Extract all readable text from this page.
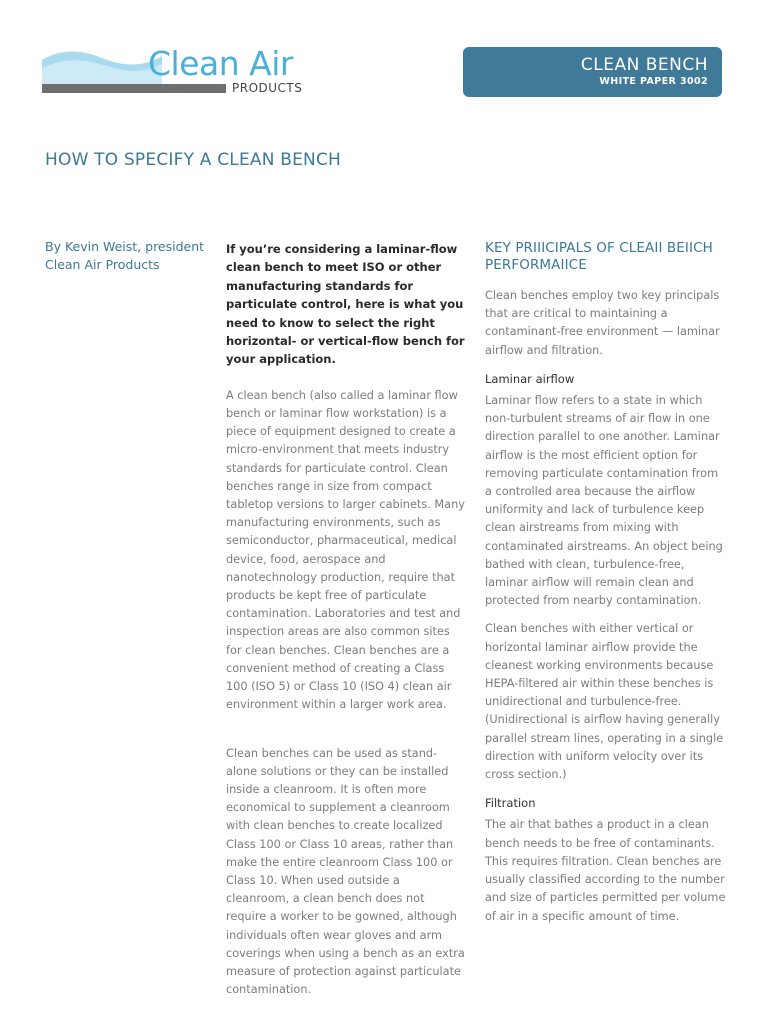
Clean Air
PRODUCTS
CLEAN BENCH
WHITE PAPER 3002
HOW TO SPECIFY A CLEAN BENCH
By Kevin Weist, president
Clean Air Products

If you’re considering a laminar-flow clean bench to meet ISO or other manufacturing standards for particulate control, here is what you need to know to select the right horizontal- or vertical-flow bench for your application.

A clean bench (also called a laminar flow bench or laminar flow workstation) is a piece of equipment designed to create a micro-environment that meets industry standards for particulate control. Clean benches range in size from compact tabletop versions to larger cabinets. Many manufacturing environments, such as semiconductor, pharmaceutical, medical device, food, aerospace and nanotechnology production, require that products be kept free of particulate contamination. Laboratories and test and inspection areas are also common sites for clean benches. Clean benches are a convenient method of creating a Class 100 (ISO 5) or Class 10 (ISO 4) clean air environment within a larger work area.

Clean benches can be used as stand-alone solutions or they can be installed inside a cleanroom. It is often more economical to supplement a cleanroom with clean benches to create localized Class 100 or Class 10 areas, rather than make the entire cleanroom Class 100 or Class 10. When used outside a cleanroom, a clean bench does not require a worker to be gowned, although individuals often wear gloves and arm coverings when using a bench as an extra measure of protection against particulate contamination.

KEY PRIIICIPALS OF CLEAII BEIICH PERFORMAIICE

Clean benches employ two key principals that are critical to maintaining a contaminant-free environment — laminar airflow and filtration.

Laminar airflow

Laminar flow refers to a state in which non-turbulent streams of air flow in one direction parallel to one another. Laminar airflow is the most efficient option for removing particulate contamination from a controlled area because the airflow uniformity and lack of turbulence keep clean airstreams from mixing with contaminated airstreams. An object being bathed with clean, turbulence-free, laminar airflow will remain clean and protected from nearby contamination.

Clean benches with either vertical or horizontal laminar airflow provide the cleanest working environments because HEPA-filtered air within these benches is unidirectional and turbulence-free. (Unidirectional is airflow having generally parallel stream lines, operating in a single direction with uniform velocity over its cross section.)

Filtration

The air that bathes a product in a clean bench needs to be free of contaminants. This requires filtration. Clean benches are usually classified according to the number and size of particles permitted per volume of air in a specific amount of time.
